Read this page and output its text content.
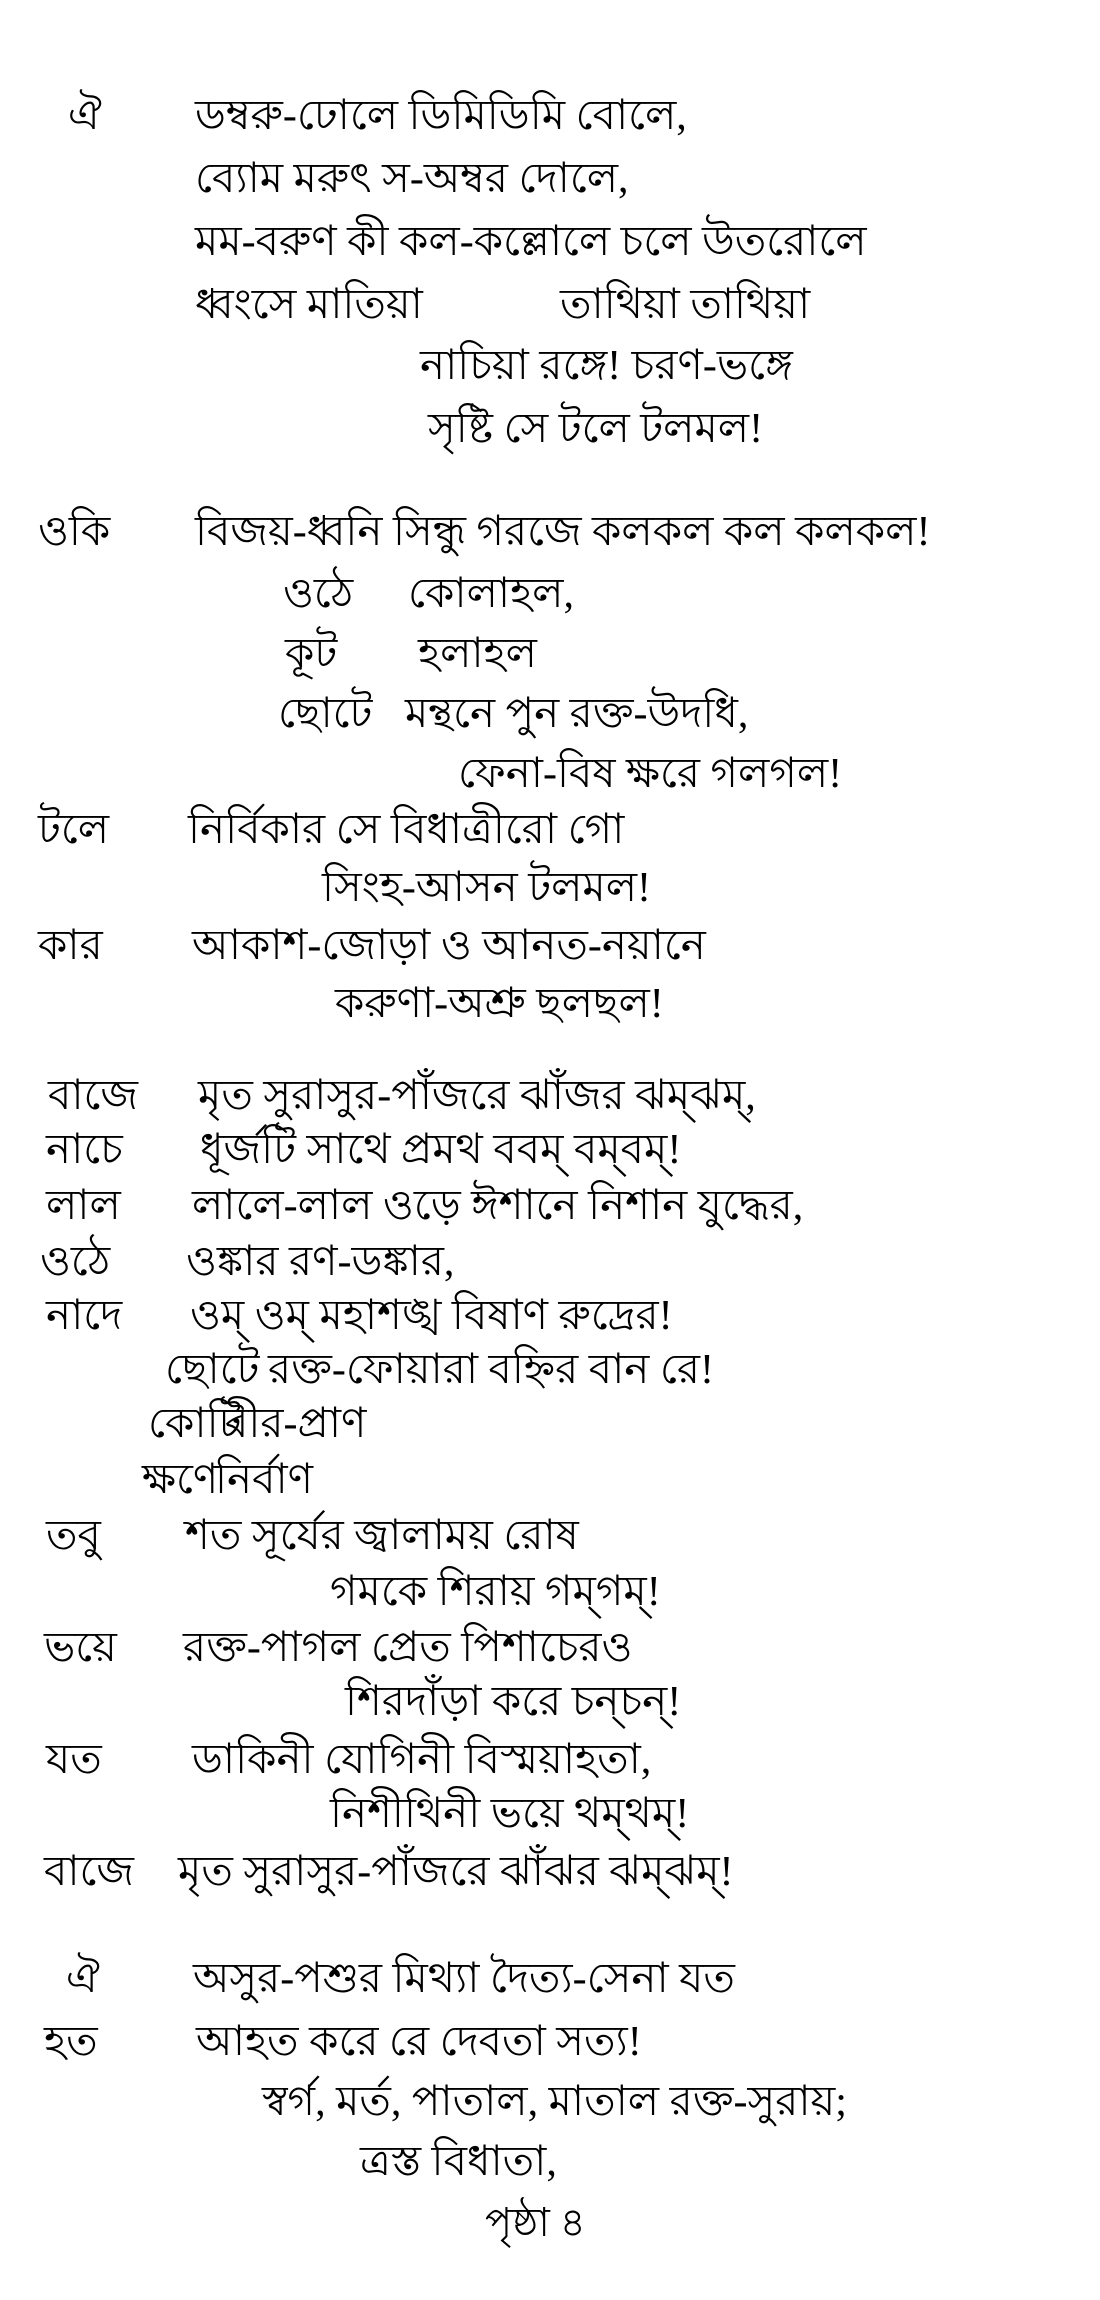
ঐ ডম্বরু-ঢোলে ডিমিডিমি বোলে,
ব্যোম মরুৎ স-অম্বর দোলে,
মম-বরুণ কী কল-কল্লোলে চলে উতরোলে
ধ্বংসে মাতিয়া	তাথিয়া তাথিয়া
নাচিয়া রঙ্গে! চরণ-ভঙ্গে
সৃষ্টি সে টলে টলমল!
ওকি বিজয়-ধ্বনি সিন্ধু গরজে কলকল কল কলকল!
ওঠে কোলাহল,
কূট হলাহল
ছোটে মন্থনে পুন রক্ত-উদধি,
ফেনা-বিষ ক্ষরে গলগল!
টলে নির্বিকার সে বিধাত্রীরো গো
সিংহ-আসন টলমল!
কার আকাশ-জোড়া ও আনত-নয়ানে
করুণা-অশ্রু ছলছল!
বাজে মৃত সুরাসুর-পাঁজরে ঝাঁজর ঝম্‌ঝম্,
নাচে ধূর্জটি সাথে প্রমথ ববম্ বম্‌বম্!
লাল লালে-লাল ওড়ে ঈশানে নিশান যুদ্ধের,
ওঠে ওঙ্কার রণ-ডঙ্কার,
নাদে ওম্ ওম্ মহাশঙ্খ বিষাণ রুদ্রের!
ছোটে রক্ত-ফোয়ারা বহ্নির বান রে!
কোটি
বীর-প্রাণ
ক্ষণে
নির্বাণ
তবু শত সূর্যের জ্বালাময় রোষ
গমকে শিরায় গম্‌গম্!
ভয়ে রক্ত-পাগল প্রেত পিশাচেরও
শিরদাঁড়া করে চন্‌চন্!
যত ডাকিনী যোগিনী বিস্ময়াহতা,
নিশীথিনী ভয়ে থম্‌থম্!
বাজে মৃত সুরাসুর-পাঁজরে ঝাঁঝর ঝম্‌ঝম্!
ঐ অসুর-পশুর মিথ্যা দৈত্য-সেনা যত
হত আহত করে রে দেবতা সত্য!
স্বর্গ, মর্ত, পাতাল, মাতাল রক্ত-সুরায়;
ত্রস্ত বিধাতা,
পৃষ্ঠা ৪
